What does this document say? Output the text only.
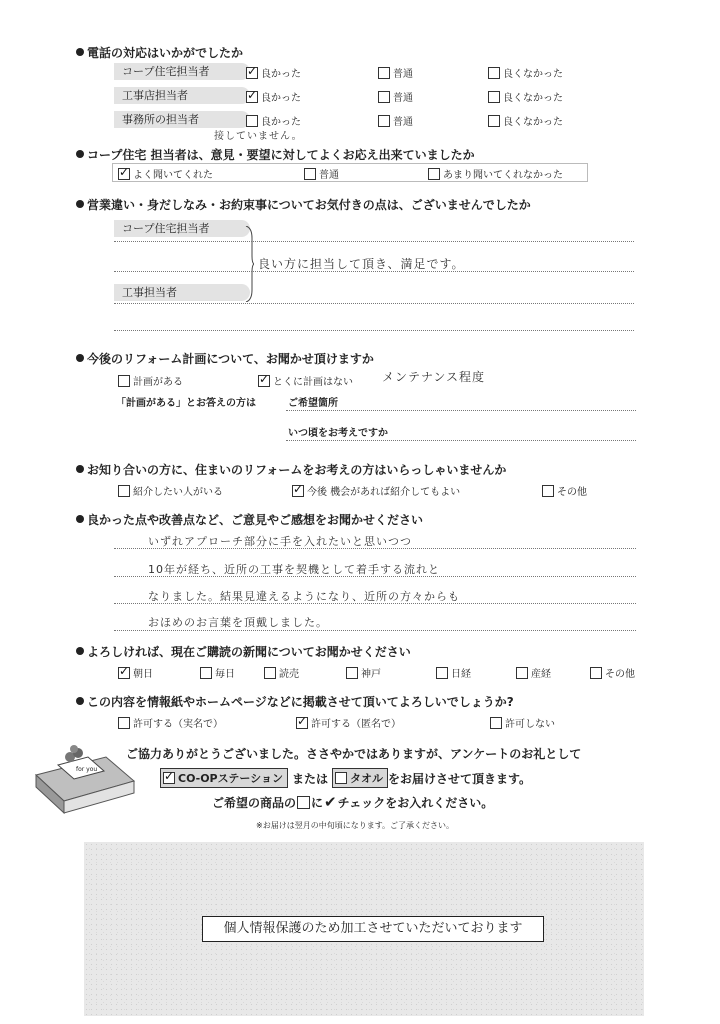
電話の対応はいかがでしたか
接していません。
コープ住宅 担当者は、意見・要望に対してよくお応え出来ていましたか
営業違い・身だしなみ・お約束事についてお気付きの点は、ございませんでしたか
コープ住宅担当者
工事担当者
良い方に担当して頂き、満足です。
今後のリフォーム計画について、お聞かせ頂けますか
メンテナンス程度
「計画がある」とお答えの方は	ご希望箇所
いつ頃をお考えですか
お知り合いの方に、住まいのリフォームをお考えの方はいらっしゃいませんか
良かった点や改善点など、ご意見やご感想をお聞かせください
いずれアプローチ部分に手を入れたいと思いつつ
10年が経ち、近所の工事を契機として着手する流れと
なりました。結果見違えるようになり、近所の方々からも
おほめのお言葉を頂戴しました。
よろしければ、現在ご購読の新聞についてお聞かせください
この内容を情報紙やホームページなどに掲載させて頂いてよろしいでしょうか?
for you
ご協力ありがとうございました。ささやかではありますが、アンケートのお礼として
✓
CO-OPステーション または タオル をお届けさせて頂きます。
ご希望の商品の に ✔ チェックをお入れください。
※お届けは翌月の中旬頃になります。ご了承ください。
個人情報保護のため加工させていただいております
コープ住宅担当者 ✓	良かった	普通	良くなかった
工事店担当者 ✓	良かった	普通	良くなかった
事務所の担当者	良かった	普通	良くなかった
✓
よく聞いてくれた	普通	あまり聞いてくれなかった
計画がある ✓	とくに計画はない
紹介したい人がいる ✓	今後 機会があれば紹介してもよい	その他
✓
朝日	毎日	読売	神戸	日経	産経	その他
許可する（実名で） ✓	許可する（匿名で）	許可しない
